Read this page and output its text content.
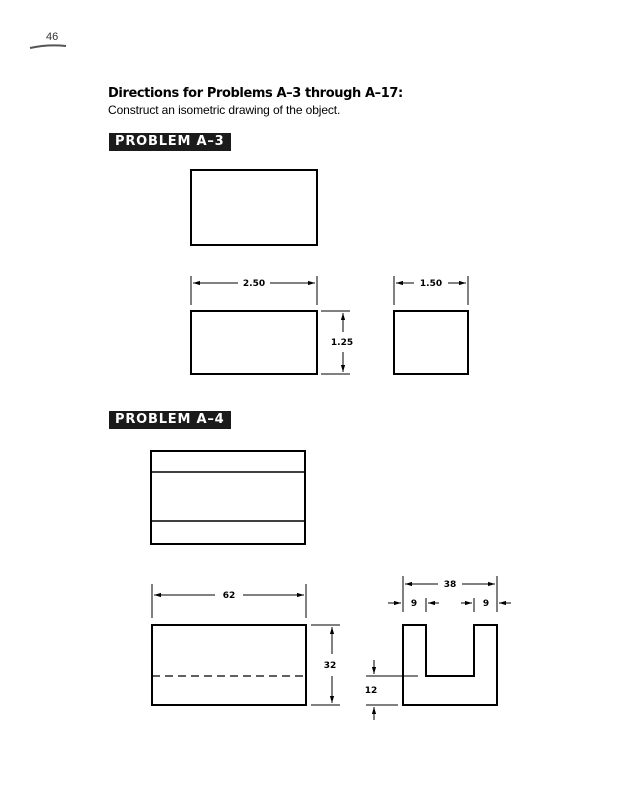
46
Directions for Problems A–3 through A–17:
Construct an isometric drawing of the object.
PROBLEM A–3
PROBLEM A–4
2.50
1.25
1.50
62
32
38
9	9
12
